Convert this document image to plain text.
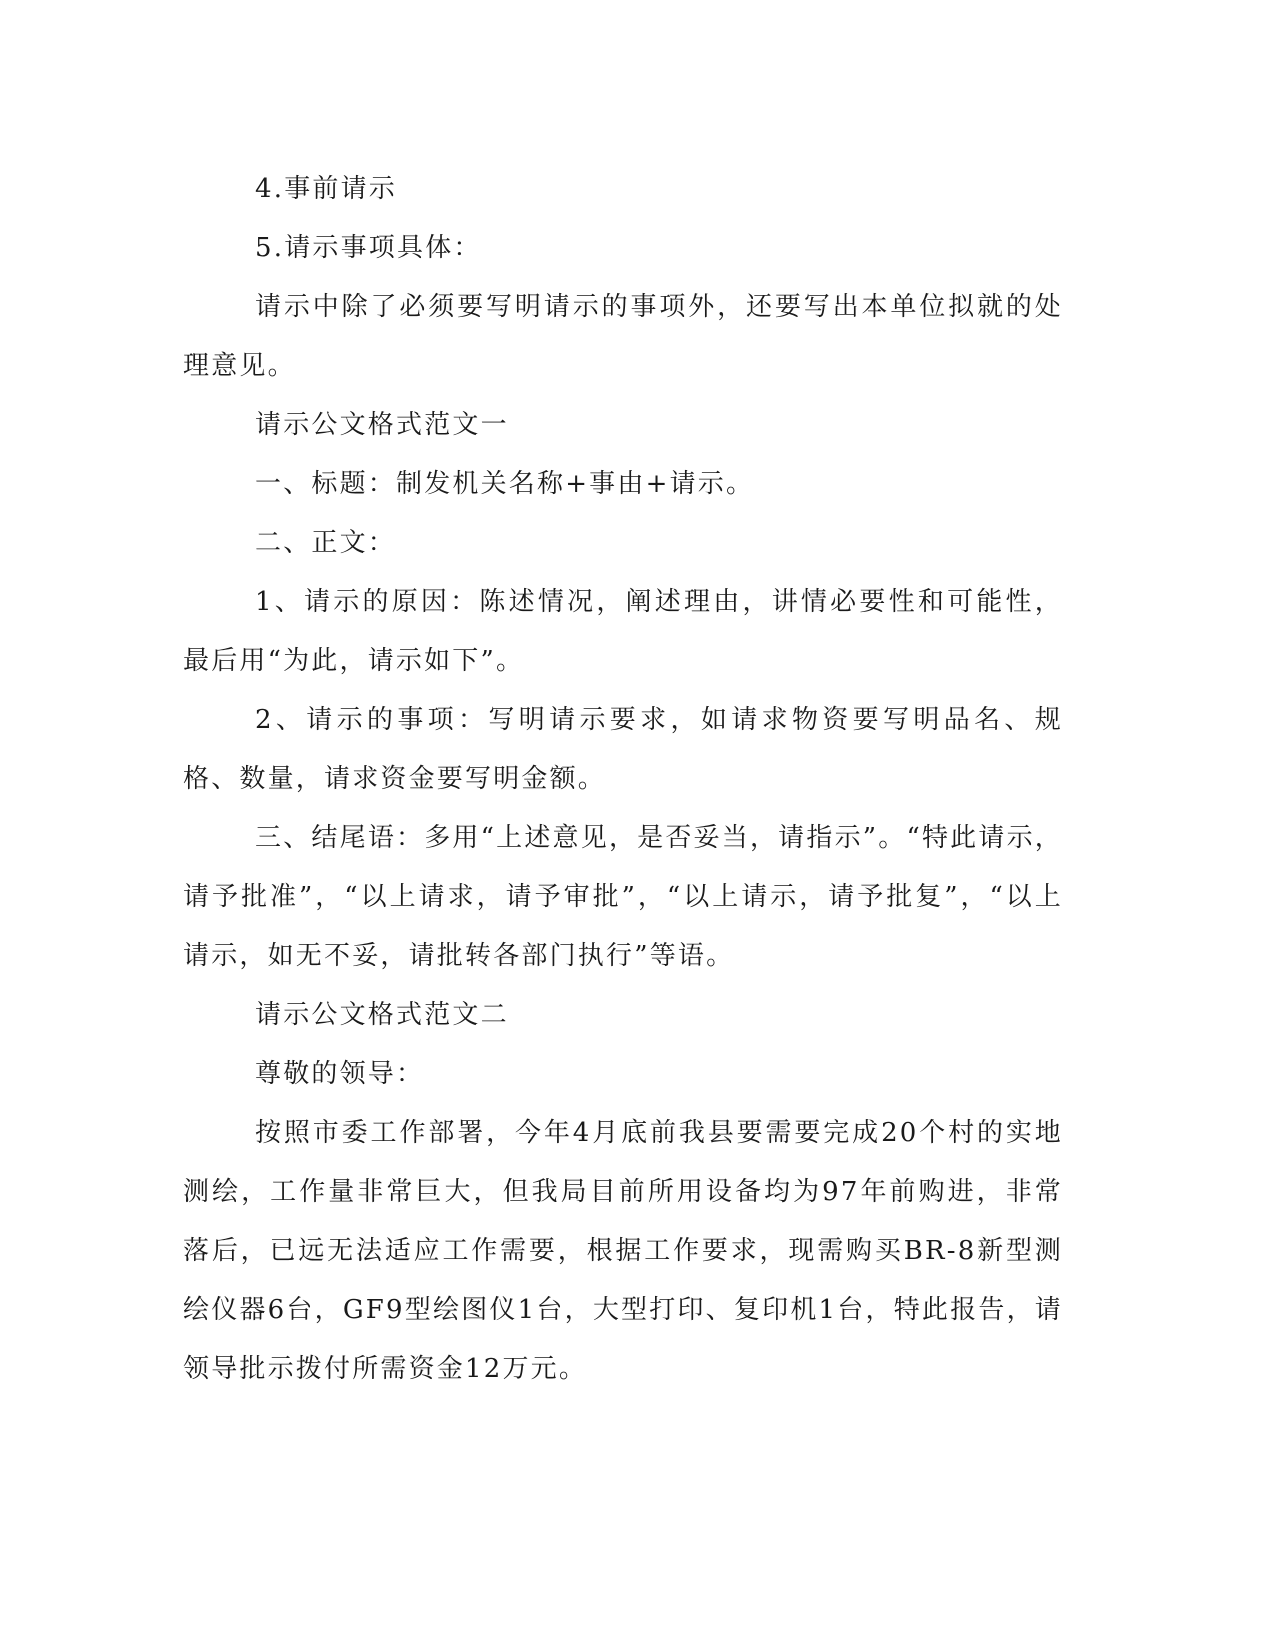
4.事前请示

5.请示事项具体：

请示中除了必须要写明请示的事项外，还要写出本单位拟就的处理意见。

请示公文格式范文一

一、标题：制发机关名称+事由+请示。

二、正文：

1、请示的原因：陈述情况，阐述理由，讲情必要性和可能性，最后用“为此，请示如下”。

2、请示的事项：写明请示要求，如请求物资要写明品名、规格、数量，请求资金要写明金额。

三、结尾语：多用“上述意见，是否妥当，请指示”。“特此请示，请予批准”，“以上请求，请予审批”，“以上请示，请予批复”，“以上请示，如无不妥，请批转各部门执行”等语。

请示公文格式范文二

尊敬的领导：

按照市委工作部署，今年4月底前我县要需要完成20个村的实地测绘，工作量非常巨大，但我局目前所用设备均为97年前购进，非常落后，已远无法适应工作需要，根据工作要求，现需购买BR-8新型测绘仪器6台，GF9型绘图仪1台，大型打印、复印机1台，特此报告，请领导批示拨付所需资金12万元。
